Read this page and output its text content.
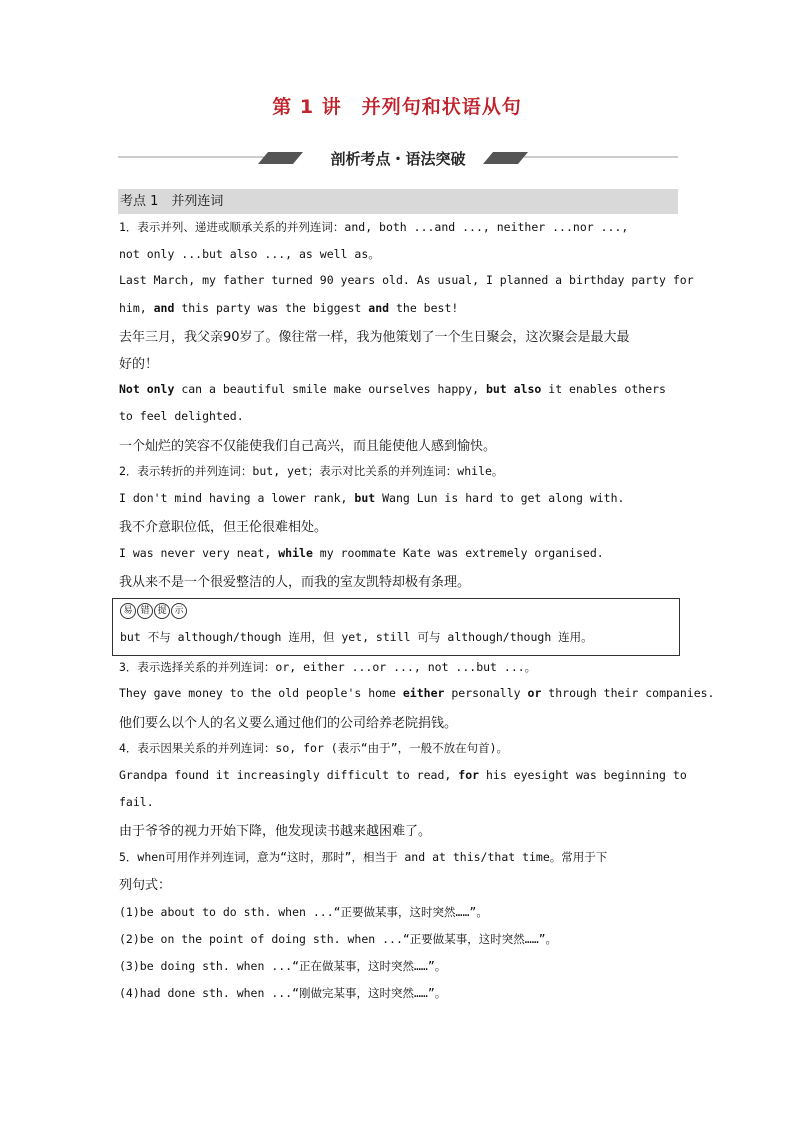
第 1 讲　并列句和状语从句
剖析考点・语法突破
考点 1　并列连词
1．表示并列、递进或顺承关系的并列连词：and, both ...and ..., neither ...nor ...,
not only ...but also ..., as well as。
Last March, my father turned 90 years old. As usual, I planned a birthday party for
him, and this party was the biggest and the best!
去年三月，我父亲90岁了。像往常一样，我为他策划了一个生日聚会，这次聚会是最大最
好的！
Not only can a beautiful smile make ourselves happy, but also it enables others
to feel delighted.
一个灿烂的笑容不仅能使我们自己高兴，而且能使他人感到愉快。
2．表示转折的并列连词：but, yet；表示对比关系的并列连词：while。
I don't mind having a lower rank, but Wang Lun is hard to get along with.
我不介意职位低，但王伦很难相处。
I was never very neat, while my roommate Kate was extremely organised.
我从来不是一个很爱整洁的人，而我的室友凯特却极有条理。
易 错 提 示
but 不与 although/though 连用，但 yet, still 可与 although/though 连用。
3．表示选择关系的并列连词：or, either ...or ..., not ...but ...。
They gave money to the old people's home either personally or through their companies.
他们要么以个人的名义要么通过他们的公司给养老院捐钱。
4．表示因果关系的并列连词：so, for (表示“由于”，一般不放在句首)。
Grandpa found it increasingly difficult to read, for his eyesight was beginning to
fail.
由于爷爷的视力开始下降，他发现读书越来越困难了。
5．when可用作并列连词，意为“这时，那时”，相当于 and at this/that time。常用于下
列句式：
(1)be about to do sth. when ...“正要做某事，这时突然……”。
(2)be on the point of doing sth. when ...“正要做某事，这时突然……”。
(3)be doing sth. when ...“正在做某事，这时突然……”。
(4)had done sth. when ...“刚做完某事，这时突然……”。
